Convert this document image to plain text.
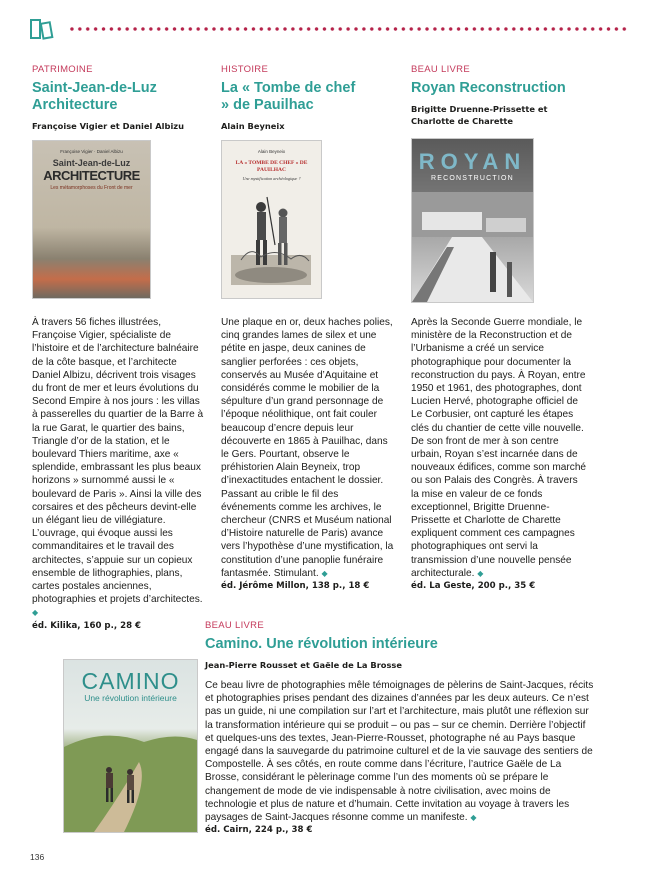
PATRIMOINE
Saint-Jean-de-Luz Architecture
Françoise Vigier et Daniel Albizu
Françoise Vigier · Daniel Albizu
Saint-Jean-de-Luz
ARCHITECTURE
Les métamorphoses du Front de mer
À travers 56 fiches illustrées, Françoise Vigier, spécialiste de l’histoire et de l’architecture balnéaire de la côte basque, et l’architecte Daniel Albizu, décrivent trois visages du front de mer et leurs évolutions du Second Empire à nos jours : les villas à passerelles du quartier de la Barre à la rue Garat, le quartier des bains, Triangle d’or de la station, et le boulevard Thiers maritime, axe « splendide, embrassant les plus beaux horizons » surnommé aussi le « boulevard de Paris ». Ainsi la ville des corsaires et des pêcheurs devint-elle un élégant lieu de villégiature. L’ouvrage, qui évoque aussi les commanditaires et le travail des architectes, s’appuie sur un copieux ensemble de lithographies, plans, cartes postales anciennes, photographies et projets d’architectes. ◆
éd. Kilika, 160 p., 28 €
HISTOIRE
La « Tombe de chef » de Pauilhac
Alain Beyneix
Alain Beyneix
LA « TOMBE DE CHEF » DE PAUILHAC
Une mystification archéologique ?
Une plaque en or, deux haches polies, cinq grandes lames de silex et une pétite en jaspe, deux canines de sanglier perforées : ces objets, conservés au Musée d’Aquitaine et considérés comme le mobilier de la sépulture d’un grand personnage de l’époque néolithique, ont fait couler beaucoup d’encre depuis leur découverte en 1865 à Pauilhac, dans le Gers. Pourtant, observe le préhistorien Alain Beyneix, trop d’inexactitudes entachent le dossier. Passant au crible le fil des événements comme les archives, le chercheur (CNRS et Muséum national d’Histoire naturelle de Paris) avance vers l’hypothèse d’une mystification, la constitution d’une panoplie funéraire fantasmée. Stimulant. ◆
éd. Jérôme Millon, 138 p., 18 €
BEAU LIVRE
Royan Reconstruction
Brigitte Druenne-Prissette et Charlotte de Charette
ROYAN
RECONSTRUCTION
Après la Seconde Guerre mondiale, le ministère de la Reconstruction et de l’Urbanisme a créé un service photographique pour documenter la reconstruction du pays. À Royan, entre 1950 et 1961, des photographes, dont Lucien Hervé, photographe officiel de Le Corbusier, ont capturé les étapes clés du chantier de cette ville nouvelle. De son front de mer à son centre urbain, Royan s’est incarnée dans de nouveaux édifices, comme son marché ou son Palais des Congrès. À travers la mise en valeur de ce fonds exceptionnel, Brigitte Druenne-Prissette et Charlotte de Charette expliquent comment ces campagnes photographiques ont servi la transmission d’une nouvelle pensée architecturale. ◆
éd. La Geste, 200 p., 35 €
CAMINO
Une révolution intérieure
BEAU LIVRE
Camino. Une révolution intérieure
Jean-Pierre Rousset et Gaële de La Brosse
Ce beau livre de photographies mêle témoignages de pèlerins de Saint-Jacques, récits et photographies prises pendant des dizaines d’années par les deux auteurs. Ce n’est pas un guide, ni une compilation sur l’art et l’architecture, mais plutôt une réflexion sur la transformation intérieure qui se produit – ou pas – sur ce chemin. Derrière l’objectif et quelques-uns des textes, Jean-Pierre-Rousset, photographe né au Pays basque engagé dans la sauvegarde du patrimoine culturel et de la vie sauvage des sentiers de Compostelle. À ses côtés, en route comme dans l’écriture, l’autrice Gaële de La Brosse, considérant le pèlerinage comme l’un des moments où se prépare le changement de mode de vie indispensable à notre civilisation, avec moins de technologie et plus de nature et d’humain. Cette invitation au voyage à travers les paysages de Saint-Jacques résonne comme un manifeste. ◆
éd. Cairn, 224 p., 38 €
136
